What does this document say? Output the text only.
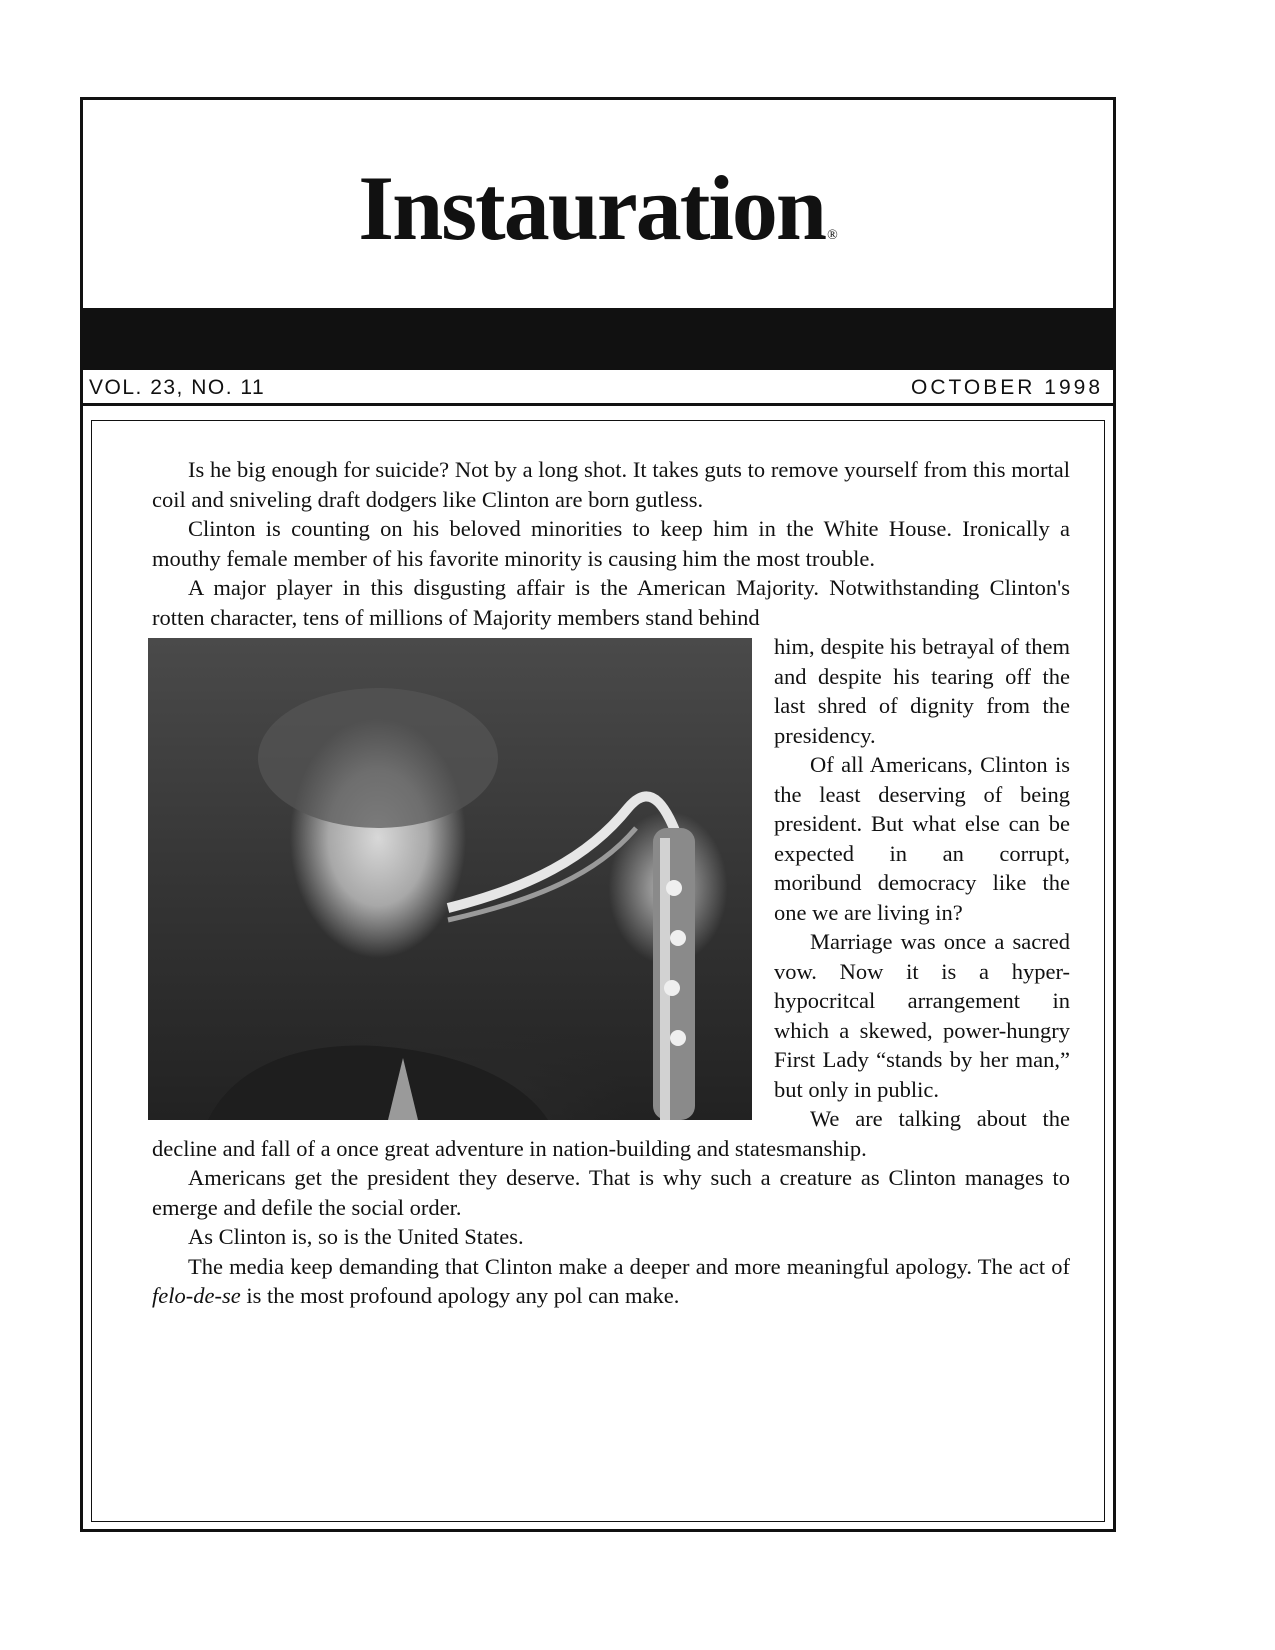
Instauration ®
VOL. 23, NO. 11	OCTOBER 1998

Is he big enough for suicide? Not by a long shot. It takes guts to remove yourself from this mortal coil and sniveling draft dodgers like Clinton are born gutless.

Clinton is counting on his beloved minorities to keep him in the White House. Ironically a mouthy female member of his favorite minority is causing him the most trouble.

A major player in this disgusting affair is the American Majority. Notwithstanding Clinton's rotten character, tens of millions of Majority members stand behind

him, despite his betrayal of them and despite his tearing off the last shred of dignity from the presidency.

Of all Americans, Clinton is the least deserving of being president. But what else can be expected in an corrupt, moribund democracy like the one we are living in?

Marriage was once a sacred vow. Now it is a hyper-hypocritcal arrangement in which a skewed, power-hungry First Lady “stands by her man,” but only in public.

We are talking about the decline and fall of a once great adventure in nation-building and statesmanship.

Americans get the president they deserve. That is why such a creature as Clinton manages to emerge and defile the social order.

As Clinton is, so is the United States.

The media keep demanding that Clinton make a deeper and more meaningful apology. The act of felo-de-se is the most profound apology any pol can make.
